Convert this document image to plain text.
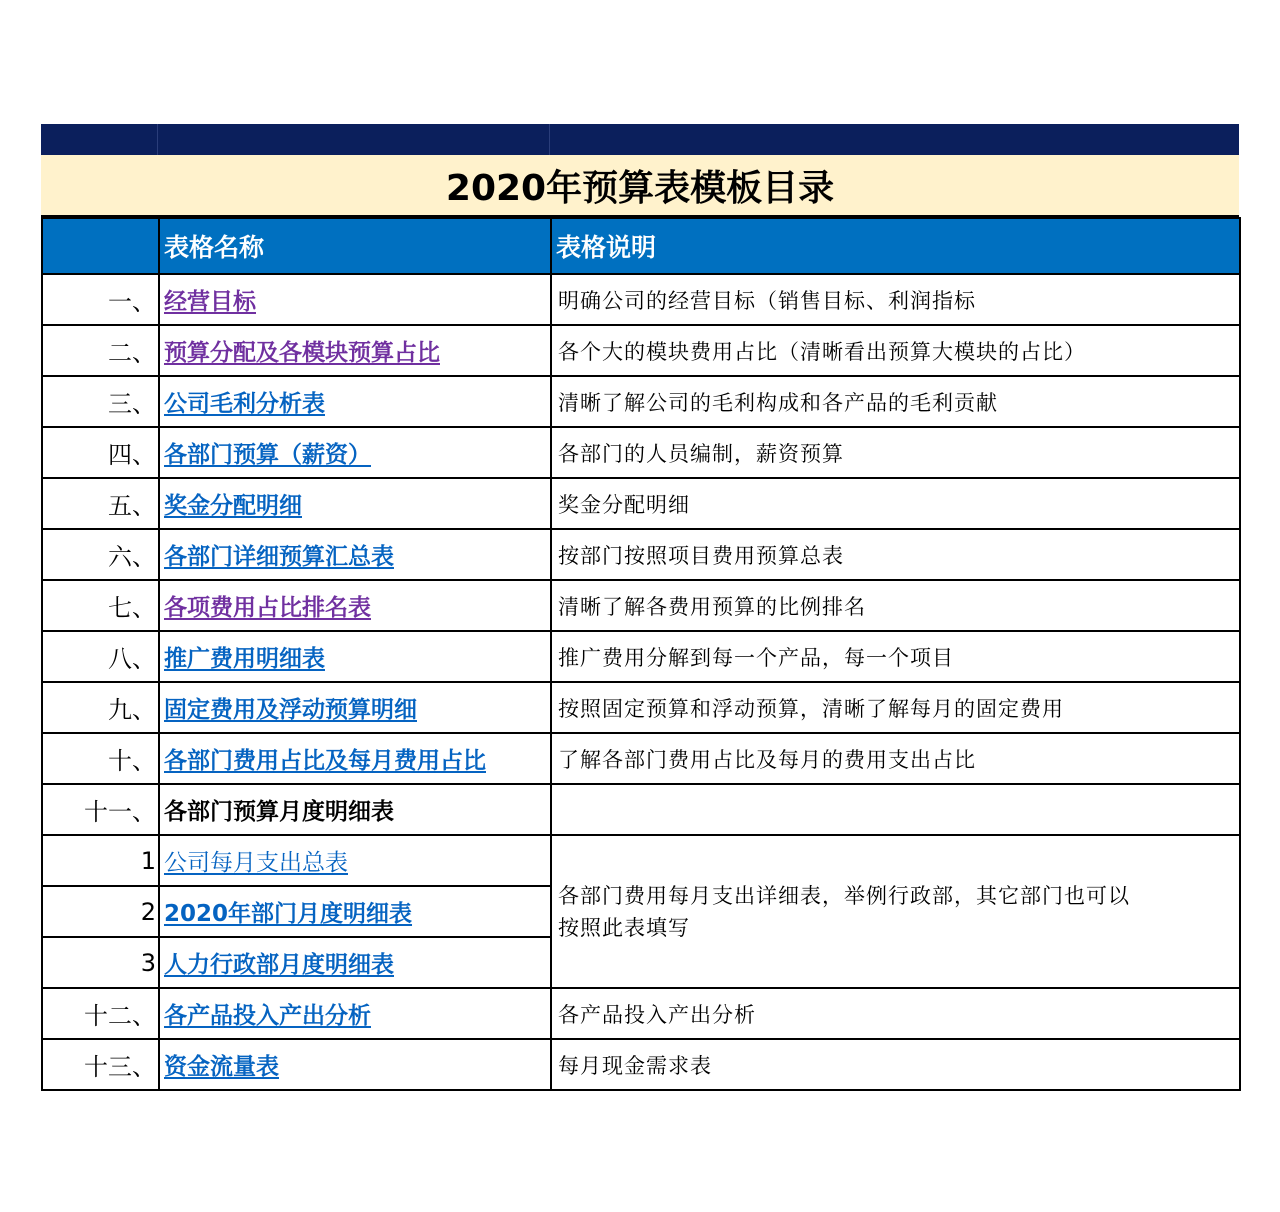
2020年预算表模板目录
	表格名称	表格说明
一、	经营目标	明确公司的经营目标（销售目标、利润指标
二、	预算分配及各模块预算占比	各个大的模块费用占比（清晰看出预算大模块的占比）
三、	公司毛利分析表	清晰了解公司的毛利构成和各产品的毛利贡献
四、	各部门预算（薪资）	各部门的人员编制，薪资预算
五、	奖金分配明细	奖金分配明细
六、	各部门详细预算汇总表	按部门按照项目费用预算总表
七、	各项费用占比排名表	清晰了解各费用预算的比例排名
八、	推广费用明细表	推广费用分解到每一个产品，每一个项目
九、	固定费用及浮动预算明细	按照固定预算和浮动预算，清晰了解每月的固定费用
十、	各部门费用占比及每月费用占比	了解各部门费用占比及每月的费用支出占比
十一、	各部门预算月度明细表	
1	公司每月支出总表	各部门费用每月支出详细表，举例行政部，其它部门也可以
按照此表填写

2	2020年部门月度明细表	
3	人力行政部月度明细表	
十二、	各产品投入产出分析	各产品投入产出分析
十三、	资金流量表	每月现金需求表
